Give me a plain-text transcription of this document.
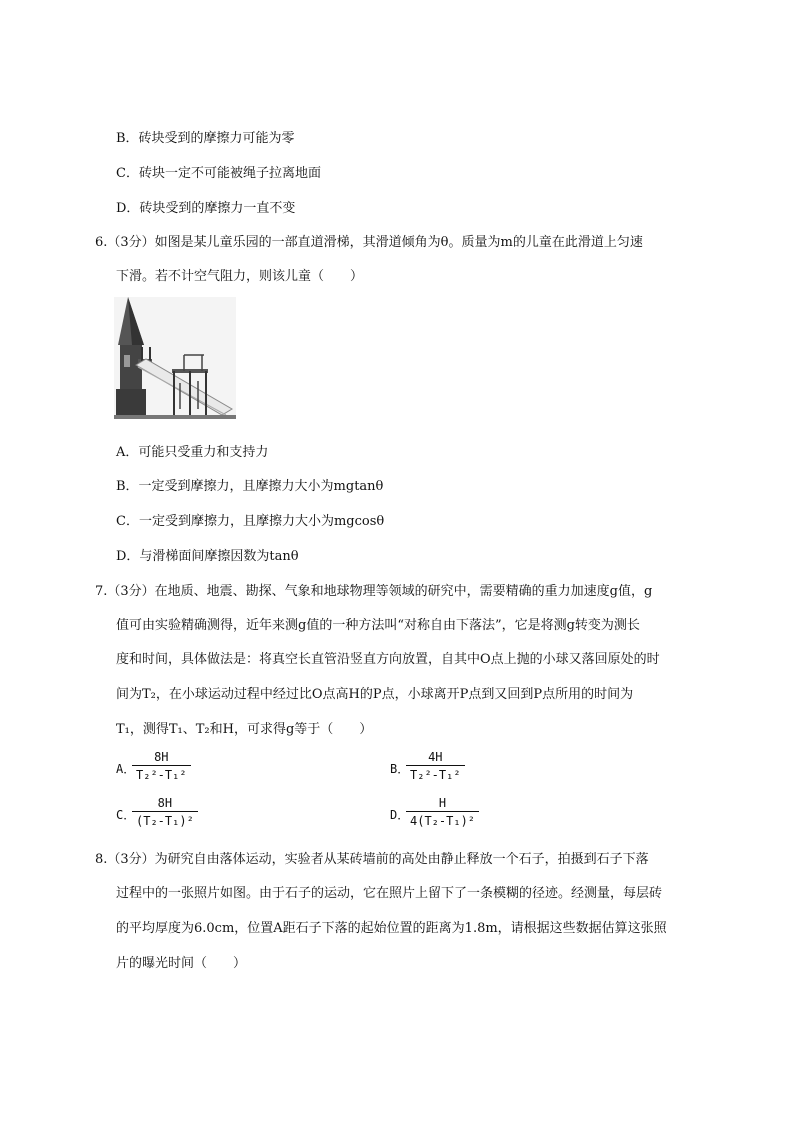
B．砖块受到的摩擦力可能为零
C．砖块一定不可能被绳子拉离地面
D．砖块受到的摩擦力一直不变
6.（3分）如图是某儿童乐园的一部直道滑梯，其滑道倾角为θ。质量为m的儿童在此滑道上匀速
下滑。若不计空气阻力，则该儿童（　　）
A．可能只受重力和支持力
B．一定受到摩擦力，且摩擦力大小为mgtanθ
C．一定受到摩擦力，且摩擦力大小为mgcosθ
D．与滑梯面间摩擦因数为tanθ
7.（3分）在地质、地震、勘探、气象和地球物理等领域的研究中，需要精确的重力加速度g值，g
值可由实验精确测得，近年来测g值的一种方法叫“对称自由下落法”，它是将测g转变为测长
度和时间，具体做法是：将真空长直管沿竖直方向放置，自其中O点上抛的小球又落回原处的时
间为T₂，在小球运动过程中经过比O点高H的P点，小球离开P点到又回到P点所用的时间为
T₁，测得T₁、T₂和H，可求得g等于（　　）
A．
$\frac{8H}{\text{T₂²-T₁²}}$	B．
$\frac{4H}{\text{T₂²-T₁²}}$
C．
$\frac{8H}{\text{(T₂-T₁)²}}$	D．
$\frac{H}{\text{4(T₂-T₁)²}}$
8.（3分）为研究自由落体运动，实验者从某砖墙前的高处由静止释放一个石子，拍摄到石子下落
过程中的一张照片如图。由于石子的运动，它在照片上留下了一条模糊的径迹。经测量，每层砖
的平均厚度为6.0cm，位置A距石子下落的起始位置的距离为1.8m，请根据这些数据估算这张照
片的曝光时间（　　）
